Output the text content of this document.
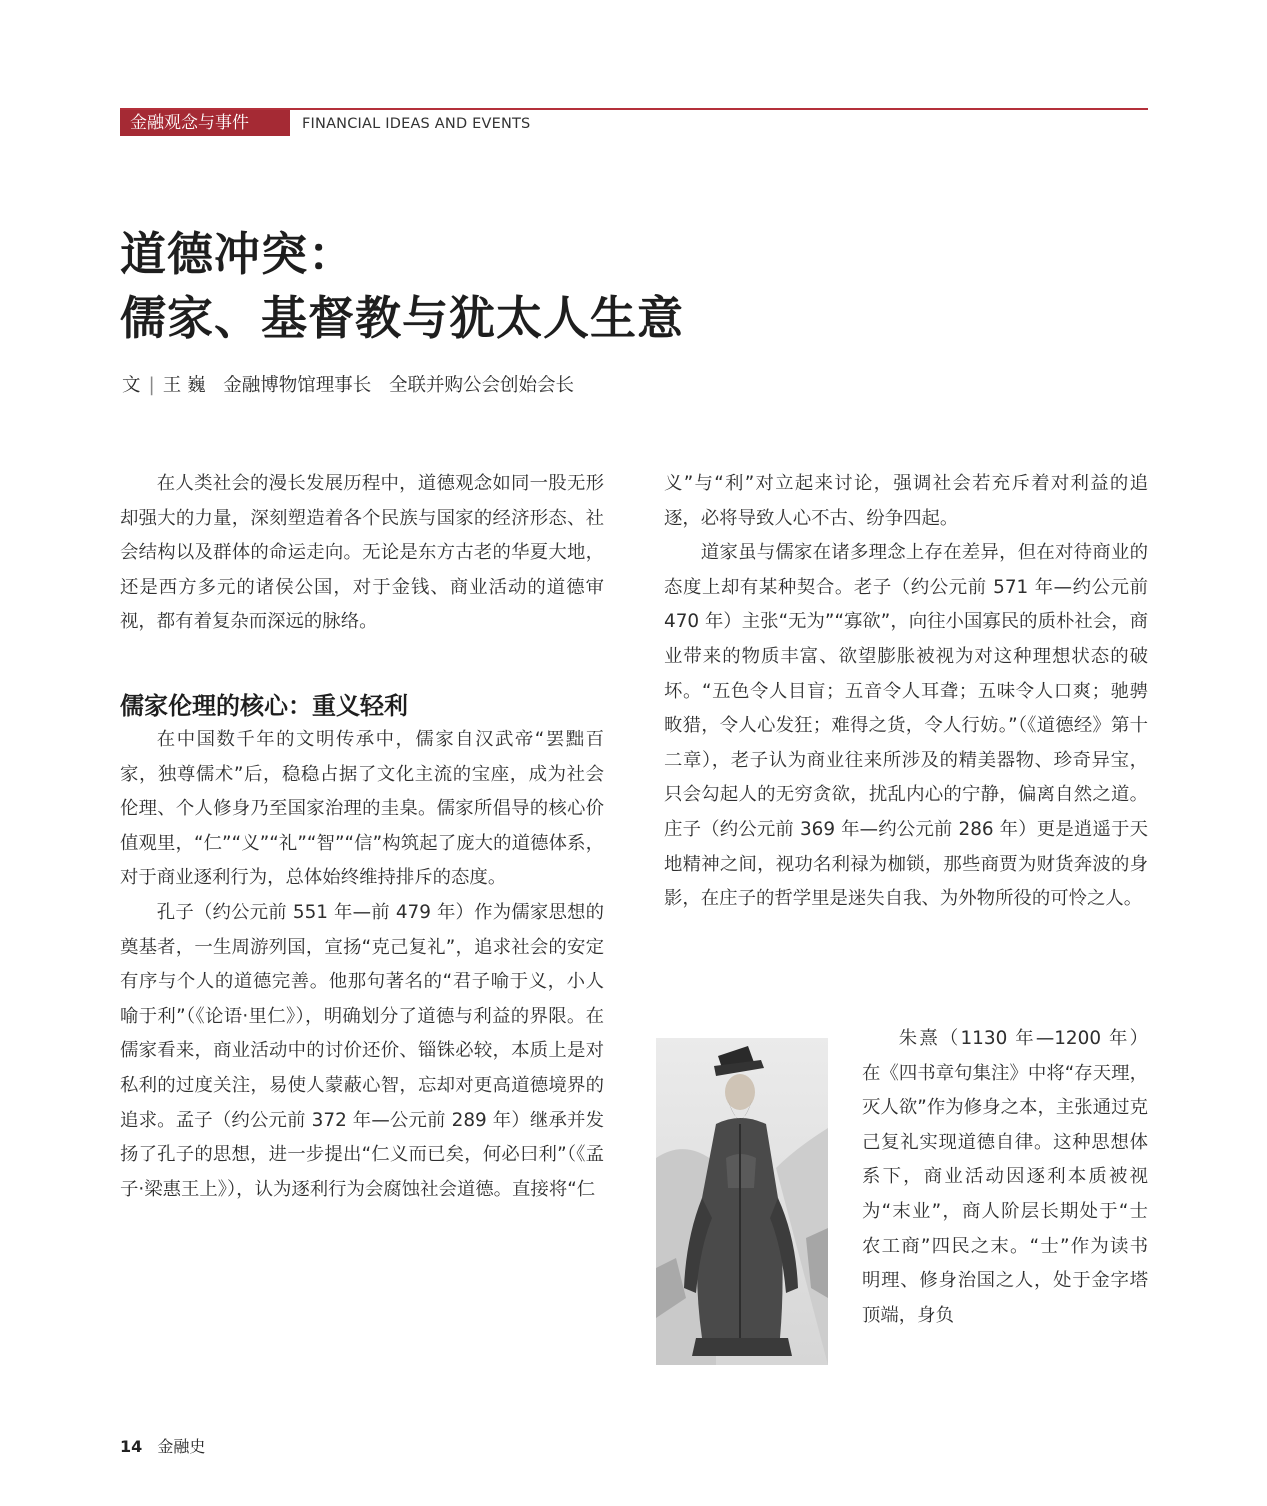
金融观念与事件	FINANCIAL IDEAS AND EVENTS
道德冲突：
儒家、基督教与犹太人生意
文 | 王 巍 金融博物馆理事长 全联并购公会创始会长

在人类社会的漫长发展历程中，道德观念如同一股无形却强大的力量，深刻塑造着各个民族与国家的经济形态、社会结构以及群体的命运走向。无论是东方古老的华夏大地，还是西方多元的诸侯公国，对于金钱、商业活动的道德审视，都有着复杂而深远的脉络。

儒家伦理的核心：重义轻利

在中国数千年的文明传承中，儒家自汉武帝“罢黜百家，独尊儒术”后，稳稳占据了文化主流的宝座，成为社会伦理、个人修身乃至国家治理的圭臬。儒家所倡导的核心价值观里，“仁”“义”“礼”“智”“信”构筑起了庞大的道德体系，对于商业逐利行为，总体始终维持排斥的态度。

孔子（约公元前 551 年—前 479 年）作为儒家思想的奠基者，一生周游列国，宣扬“克己复礼”，追求社会的安定有序与个人的道德完善。他那句著名的“君子喻于义，小人喻于利”（《论语·里仁》），明确划分了道德与利益的界限。在儒家看来，商业活动中的讨价还价、锱铢必较，本质上是对私利的过度关注，易使人蒙蔽心智，忘却对更高道德境界的追求。孟子（约公元前 372 年—公元前 289 年）继承并发扬了孔子的思想，进一步提出“仁义而已矣，何必曰利”（《孟子·梁惠王上》），认为逐利行为会腐蚀社会道德。直接将“仁

义”与“利”对立起来讨论，强调社会若充斥着对利益的追逐，必将导致人心不古、纷争四起。

道家虽与儒家在诸多理念上存在差异，但在对待商业的态度上却有某种契合。老子（约公元前 571 年—约公元前 470 年）主张“无为”“寡欲”，向往小国寡民的质朴社会，商业带来的物质丰富、欲望膨胀被视为对这种理想状态的破坏。“五色令人目盲；五音令人耳聋；五味令人口爽；驰骋畋猎，令人心发狂；难得之货，令人行妨。”（《道德经》第十二章），老子认为商业往来所涉及的精美器物、珍奇异宝，只会勾起人的无穷贪欲，扰乱内心的宁静，偏离自然之道。庄子（约公元前 369 年—约公元前 286 年）更是逍遥于天地精神之间，视功名利禄为枷锁，那些商贾为财货奔波的身影，在庄子的哲学里是迷失自我、为外物所役的可怜之人。

朱熹（1130 年—1200 年）在《四书章句集注》中将“存天理，灭人欲”作为修身之本，主张通过克己复礼实现道德自律。这种思想体系下，商业活动因逐利本质被视为“末业”，商人阶层长期处于“士农工商”四民之末。“士”作为读书明理、修身治国之人，处于金字塔顶端，身负

14 金融史
